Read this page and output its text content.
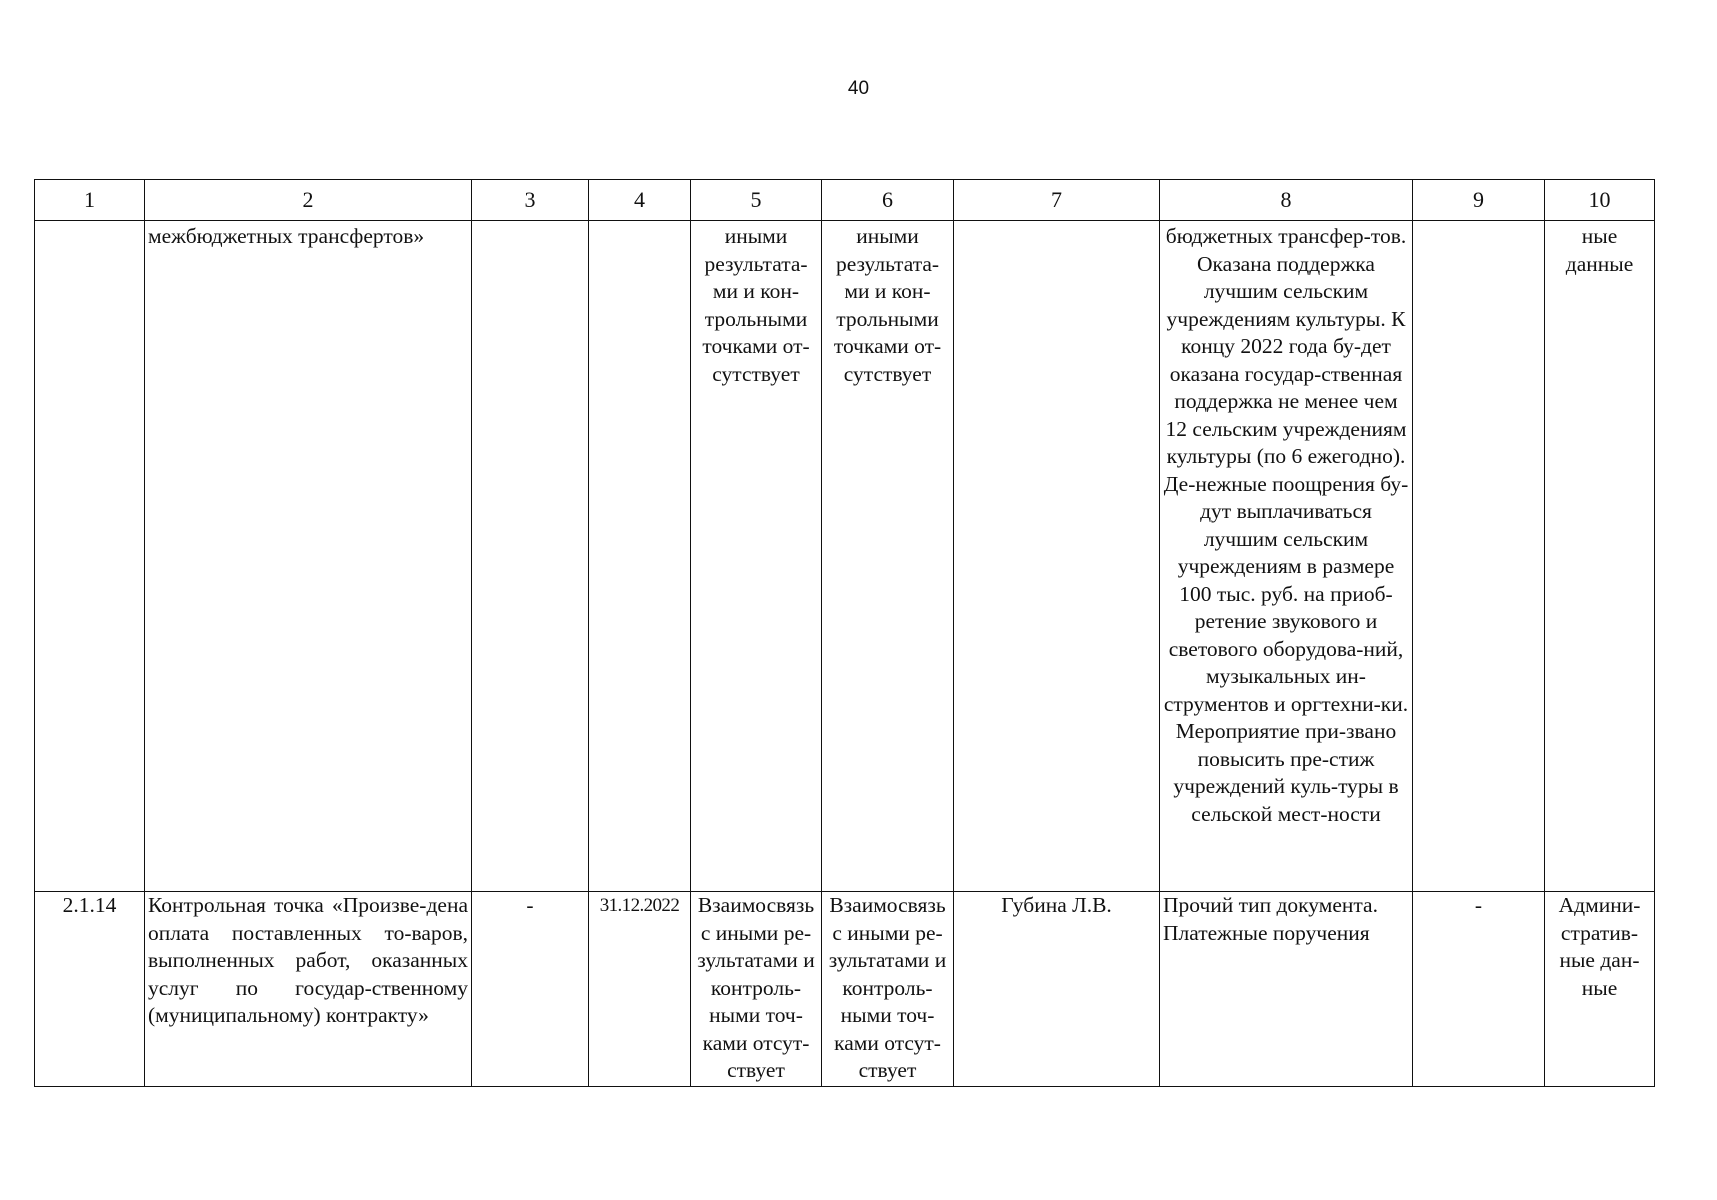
40
1	2	3	4	5	6	7	8	9	10
	межбюджетных трансфертов»			иными результата-ми и кон-трольными точками от-сутствует	иными результата-ми и кон-трольными точками от-сутствует		бюджетных трансфер-тов. Оказана поддержка лучшим сельским учреждениям культуры. К концу 2022 года бу-дет оказана государ-ственная поддержка не менее чем 12 сельским учреждениям культуры (по 6 ежегодно). Де-нежные поощрения бу-дут выплачиваться лучшим сельским учреждениям в размере 100 тыс. руб. на приоб-ретение звукового и светового оборудова-ний, музыкальных ин-струментов и оргтехни-ки. Мероприятие при-звано повысить пре-стиж учреждений куль-туры в сельской мест-ности		ные данные
2.1.14	Контрольная точка «Произве-дена оплата поставленных то-варов, выполненных работ, оказанных услуг по государ-ственному (муниципальному) контракту»	-	31.12.2022	Взаимосвязь с иными ре-зультатами и контроль-ными точ-ками отсут-ствует	Взаимосвязь с иными ре-зультатами и контроль-ными точ-ками отсут-ствует	Губина Л.В.	Прочий тип документа. Платежные поручения	-	Админи-стратив-ные дан-ные
